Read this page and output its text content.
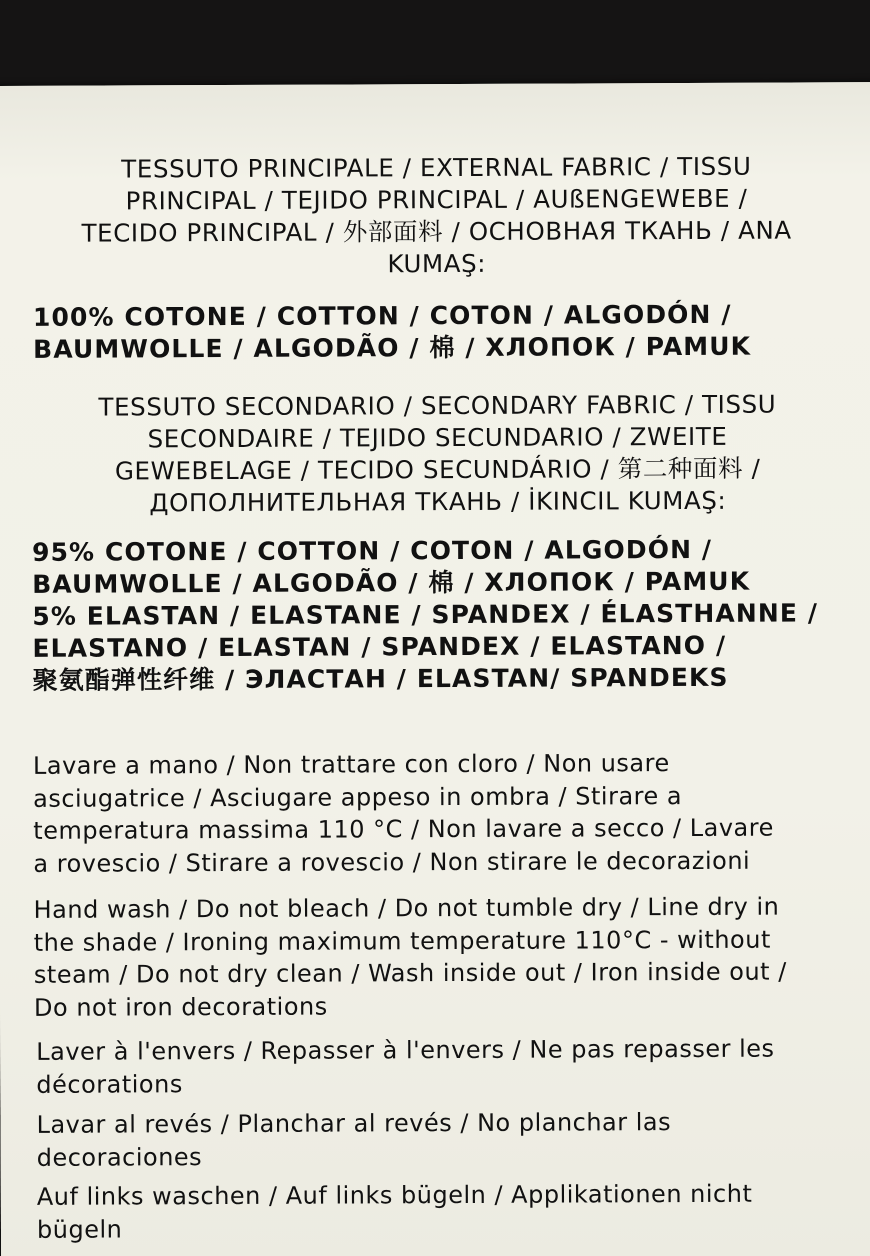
TESSUTO PRINCIPALE / EXTERNAL FABRIC / TISSU
PRINCIPAL / TEJIDO PRINCIPAL / AUßENGEWEBE /
TECIDO PRINCIPAL / 外部面料 / ОСНОВНАЯ ТКАНЬ / ANA
KUMAŞ:
100% COTONE / COTTON / COTON / ALGODÓN /
BAUMWOLLE / ALGODÃO / 棉 / ХЛОПОК / PAMUK
TESSUTO SECONDARIO / SECONDARY FABRIC / TISSU
SECONDAIRE / TEJIDO SECUNDARIO / ZWEITE
GEWEBELAGE / TECIDO SECUNDÁRIO / 第二种面料 /
ДОПОЛНИТЕЛЬНАЯ ТКАНЬ / İKINCIL KUMAŞ:
95% COTONE / COTTON / COTON / ALGODÓN /
BAUMWOLLE / ALGODÃO / 棉 / ХЛОПОК / PAMUK
5% ELASTAN / ELASTANE / SPANDEX / ÉLASTHANNE /
ELASTANO / ELASTAN / SPANDEX / ELASTANO /
聚氨酯弹性纤维 / ЭЛАСТАН / ELASTAN/ SPANDEKS
Lavare a mano / Non trattare con cloro / Non usare
asciugatrice / Asciugare appeso in ombra / Stirare a
temperatura massima 110 °C / Non lavare a secco / Lavare
a rovescio / Stirare a rovescio / Non stirare le decorazioni
Hand wash / Do not bleach / Do not tumble dry / Line dry in
the shade / Ironing maximum temperature 110°C - without
steam / Do not dry clean / Wash inside out / Iron inside out /
Do not iron decorations
Laver à l'envers / Repasser à l'envers / Ne pas repasser les
décorations
Lavar al revés / Planchar al revés / No planchar las
decoraciones
Auf links waschen / Auf links bügeln / Applikationen nicht
bügeln
